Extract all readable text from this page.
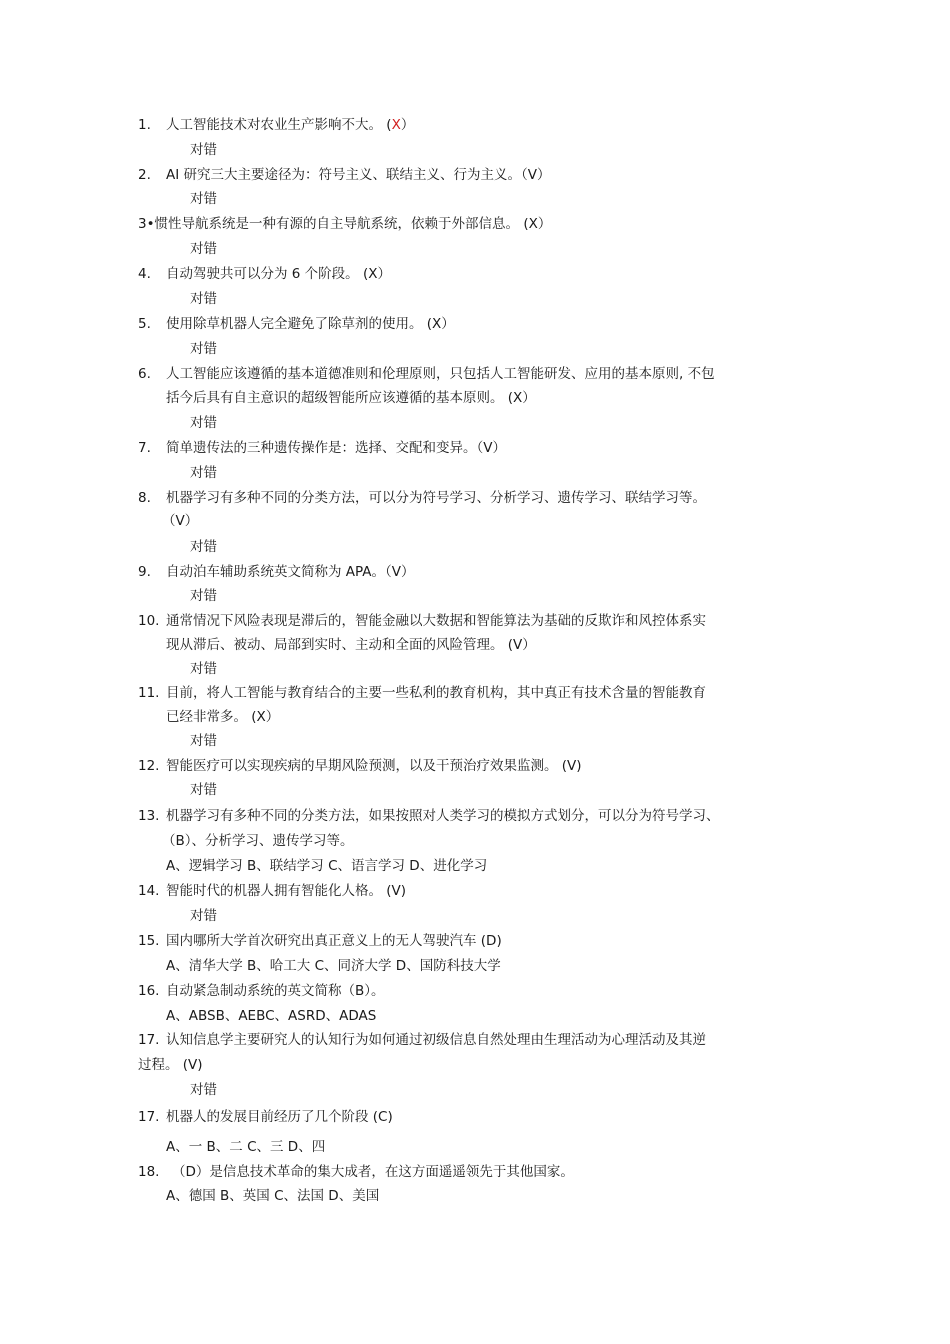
1. 人工智能技术对农业生产影响不大。 (X）
对错
2. AI 研究三大主要途径为：符号主义、联结主义、行为主义。（V）
对错
3•惯性导航系统是一种有源的自主导航系统，依赖于外部信息。 (X）
对错
4. 自动驾驶共可以分为 6 个阶段。 (X）
对错
5. 使用除草机器人完全避免了除草剂的使用。 (X）
对错
6. 人工智能应该遵循的基本道德准则和伦理原则，只包括人工智能研发、应用的基本原则, 不包
括今后具有自主意识的超级智能所应该遵循的基本原则。 (X）
对错
7. 简单遗传法的三种遗传操作是：选择、交配和变异。（V）
对错
8. 机器学习有多种不同的分类方法，可以分为符号学习、分析学习、遗传学习、联结学习等。
（V）
对错
9. 自动泊车辅助系统英文简称为 APA。（V）
对错
10. 通常情况下风险表现是滞后的，智能金融以大数据和智能算法为基础的反欺诈和风控体系实
现从滞后、被动、局部到实时、主动和全面的风险管理。 (V）
对错
11. 目前，将人工智能与教育结合的主要一些私利的教育机构，其中真正有技术含量的智能教育
已经非常多。 (X）
对错
12. 智能医疗可以实现疾病的早期风险预测，以及干预治疗效果监测。 (V)
对错
13. 机器学习有多种不同的分类方法，如果按照对人类学习的模拟方式划分，可以分为符号学习、
（B）、分析学习、遗传学习等。
A、逻辑学习 B、联结学习 C、语言学习 D、进化学习
14. 智能时代的机器人拥有智能化人格。 (V)
对错
15. 国内哪所大学首次研究出真正意义上的无人驾驶汽车 (D)
A、清华大学 B、哈工大 C、同济大学 D、国防科技大学
16. 自动紧急制动系统的英文简称（B）。
A、ABSB、AEBC、ASRD、ADAS
17. 认知信息学主要研究人的认知行为如何通过初级信息自然处理由生理活动为心理活动及其逆
过程。 (V)
对错
17. 机器人的发展目前经历了几个阶段 (C)
A、一 B、二 C、三 D、四
18. （D）是信息技术革命的集大成者，在这方面遥遥领先于其他国家。
A、德国 B、英国 C、法国 D、美国
